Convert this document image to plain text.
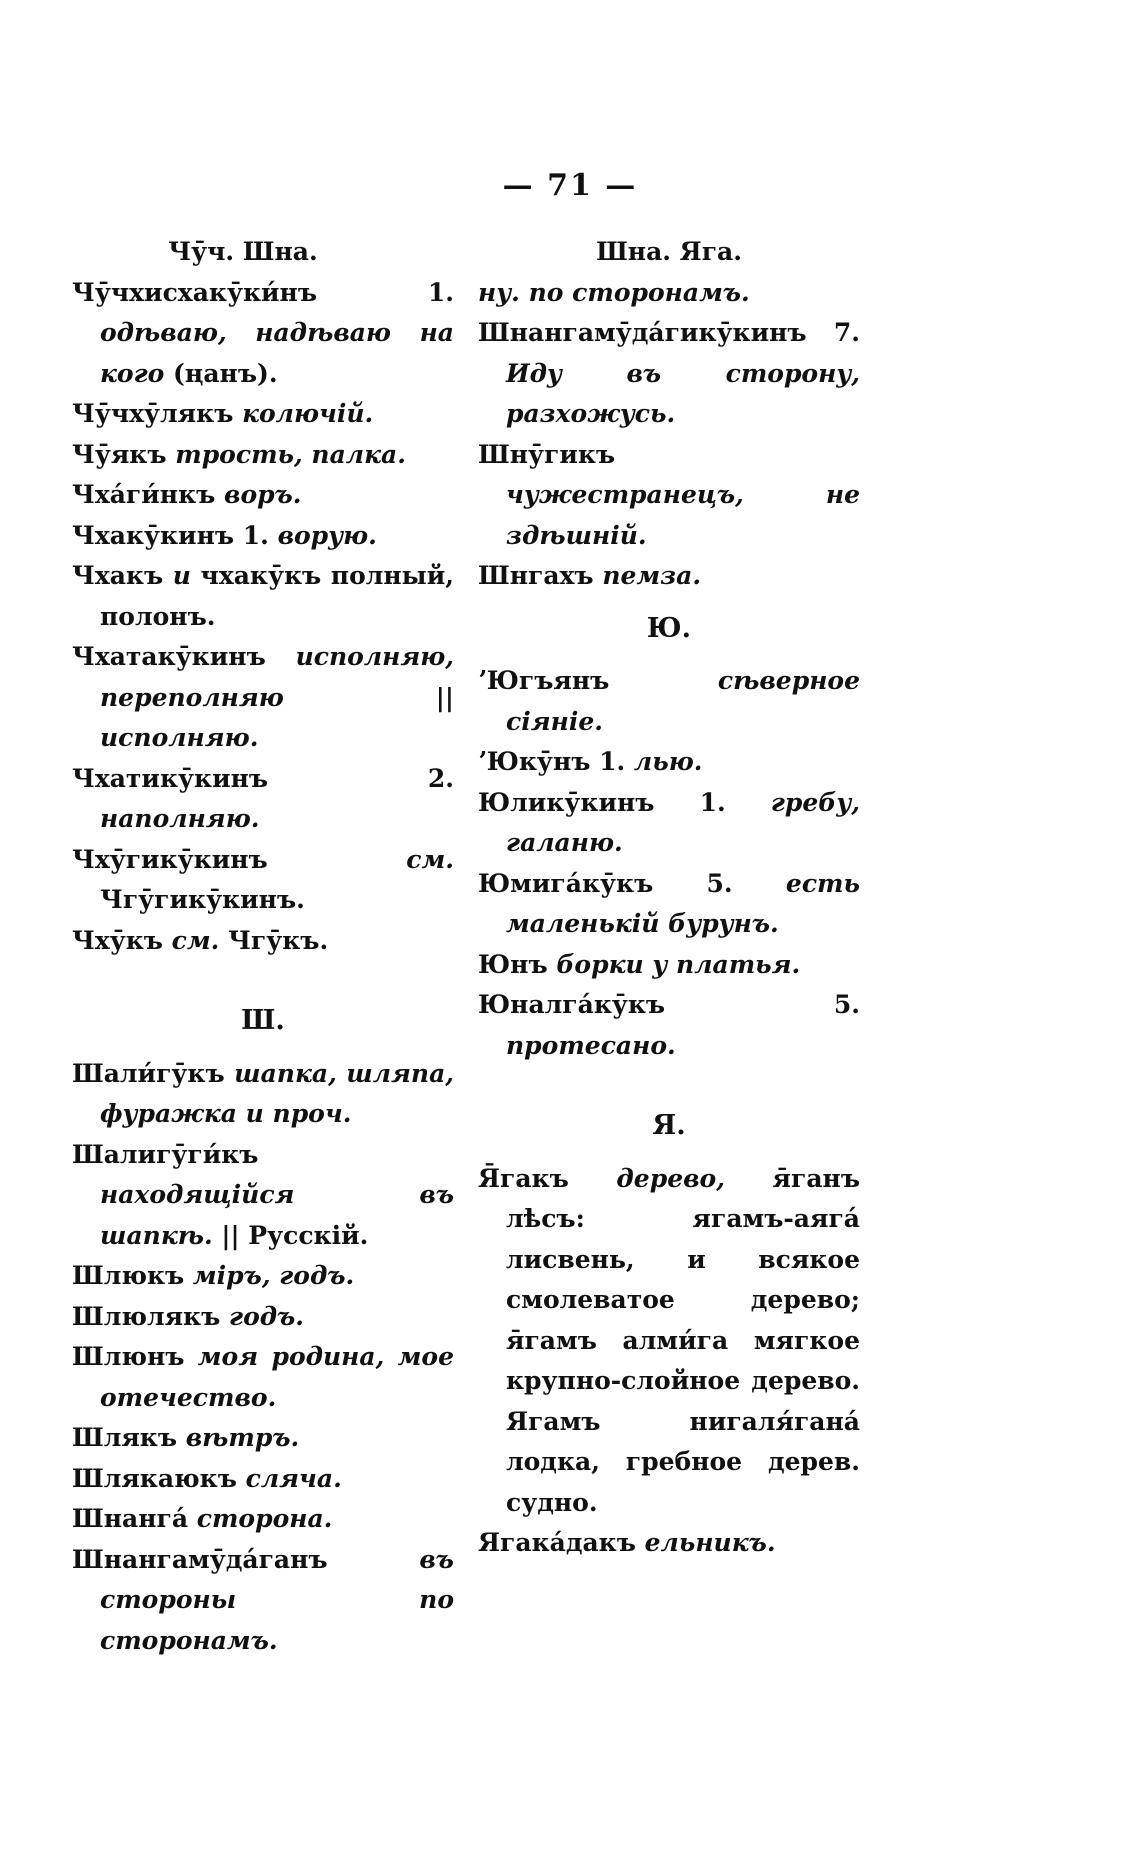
— 71 —
Чӯч. Шна.

Чӯчхисхакӯки́нъ 1. одѣваю, надѣваю на кого (ңанъ).

Чӯчхӯлякъ колючій.

Чӯякъ трость, палка.

Чха́ги́нкъ воръ.

Чхакӯкинъ 1. ворую.

Чхакъ и чхакӯкъ полный, полонъ.

Чхатакӯкинъ исполняю, переполняю || исполняю.

Чхатикӯкинъ 2. наполняю.

Чхӯгикӯкинъ см. Чгӯгикӯкинъ.

Чхӯкъ см. Чгӯкъ.

Ш.

Шали́гӯкъ шапка, шляпа, фуражка и проч.

Шалигӯги́къ находящійся въ шапкѣ. || Русскій.

Шлюкъ міръ, годъ.

Шлюлякъ годъ.

Шлюнъ моя родина, мое отечество.

Шлякъ вѣтръ.

Шлякаюкъ сляча.

Шнанга́ сторона.

Шнангамӯда́ганъ въ стороны по сторонамъ.

Шна. Яга.

ну. по сторонамъ.

Шнангамӯда́гикӯкинъ 7. Иду въ сторону, разхожусь.

Шнӯгикъ чужестранецъ, не здѣшній.

Шнгахъ пемза.

Ю.

ʼЮгъянъ сѣверное сіяніе.

ʼЮкӯнъ 1. лью.

Юликӯкинъ 1. гребу, галаню.

Юмига́кӯкъ 5. есть маленькій бурунъ.

Юнъ борки у платья.

Юналга́кӯкъ 5. протесано.

Я.

Я̄гакъ дерево, я̄ганъ лѣсъ: ягамъ-аяга́ лисвень, и всякое смолеватое дерево; я̄гамъ алми́га мягкое крупно-слойное дерево. Ягамъ нигаля́гана́ лодка, гребное дерев. судно.

Ягака́дакъ ельникъ.
